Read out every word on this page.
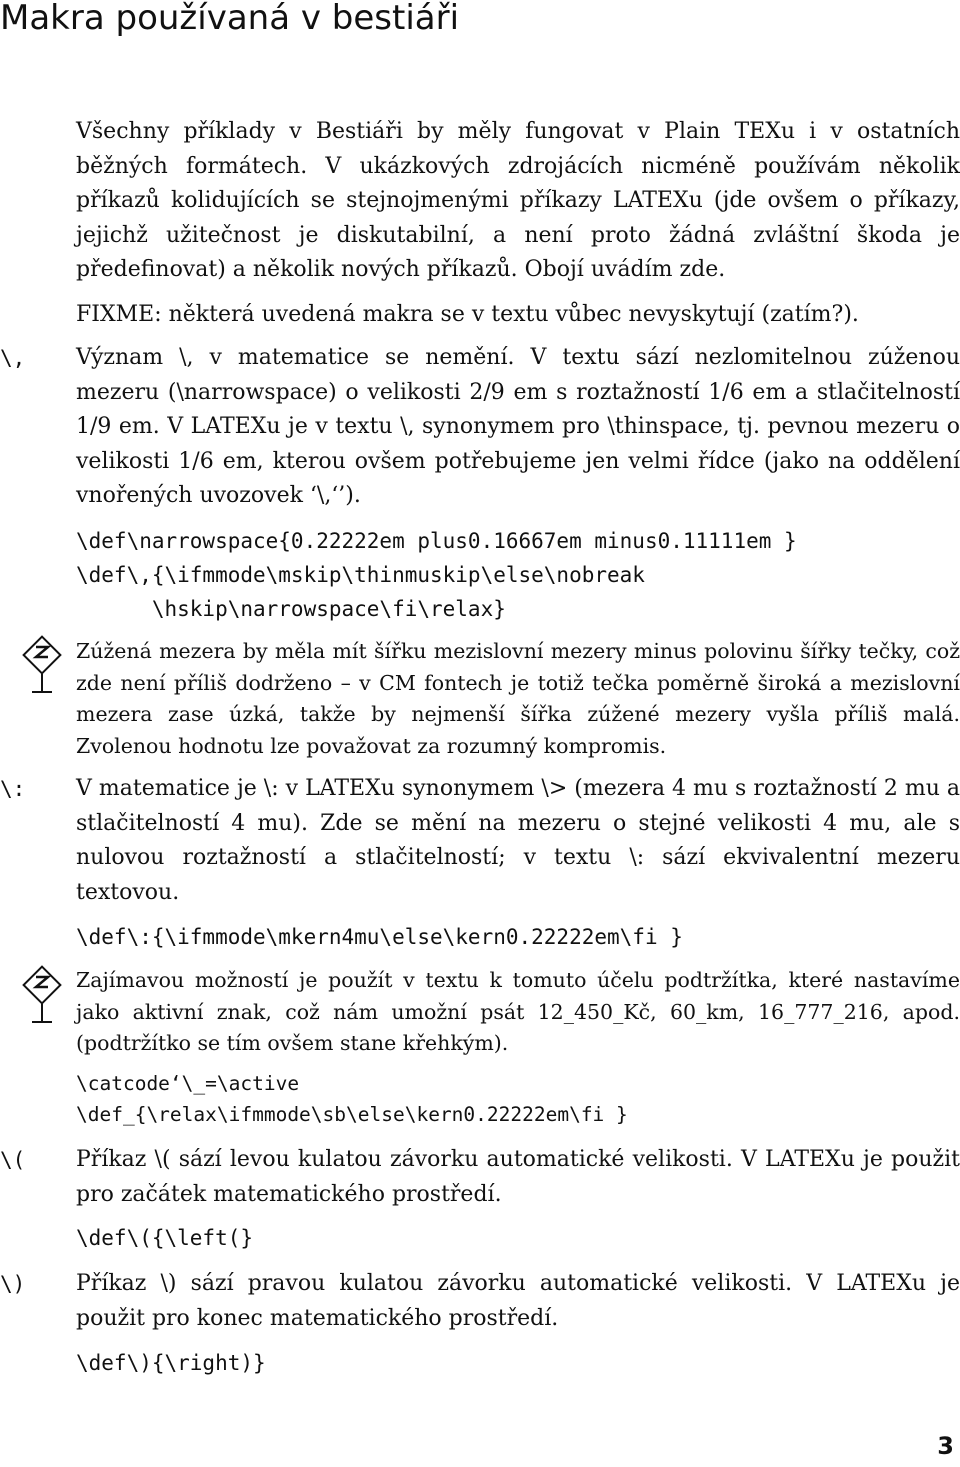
Makra používaná v bestiáři
Všechny příklady v Bestiáři by měly fungovat v Plain TEXu i v ostatních běžných formátech. V ukázkových zdrojácích nicméně používám několik příkazů kolidujících se stejnojmenými příkazy LATEXu (jde ovšem o příkazy, jejichž užitečnost je diskutabilní, a není proto žádná zvláštní škoda je předefinovat) a několik nových příkazů. Obojí uvádím zde.
FIXME: některá uvedená makra se v textu vůbec nevyskytují (zatím?).
\,	Význam \, v matematice se nemění. V textu sází nezlomitelnou zúženou mezeru (\narrowspace) o velikosti 2/9 em s roztažností 1/6 em a stlačitelností 1/9 em. V LATEXu je v textu \, synonymem pro \thinspace, tj. pevnou mezeru o velikosti 1/6 em, kterou ovšem potřebujeme jen velmi řídce (jako na oddělení vnořených uvozovek ‘\,‘’).
\def\narrowspace{0.22222em plus0.16667em minus0.11111em }
\def\,{\ifmmode\mskip\thinmuskip\else\nobreak
\hskip\narrowspace\fi\relax}
Zúžená mezera by měla mít šířku mezislovní mezery minus polovinu šířky tečky, což zde není příliš dodrženo – v CM fontech je totiž tečka poměrně široká a mezislovní mezera zase úzká, takže by nejmenší šířka zúžené mezery vyšla příliš malá. Zvolenou hodnotu lze považovat za rozumný kompromis.
\:	V matematice je \: v LATEXu synonymem \> (mezera 4 mu s roztažností 2 mu a stlačitelností 4 mu). Zde se mění na mezeru o stejné velikosti 4 mu, ale s nulovou roztažností a stlačitelností; v textu \: sází ekvivalentní mezeru textovou.
\def\:{\ifmmode\mkern4mu\else\kern0.22222em\fi }
Zajímavou možností je použít v textu k tomuto účelu podtržítka, které nastavíme jako aktivní znak, což nám umožní psát 12_450_Kč, 60_km, 16_777_216, apod. (podtržítko se tím ovšem stane křehkým).
\catcode‘\_=\active
\def_{\relax\ifmmode\sb\else\kern0.22222em\fi }
\(	Příkaz \( sází levou kulatou závorku automatické velikosti. V LATEXu je použit pro začátek matematického prostředí.
\def\({\left(}
\)	Příkaz \) sází pravou kulatou závorku automatické velikosti. V LATEXu je použit pro konec matematického prostředí.
\def\){\right)}
3
